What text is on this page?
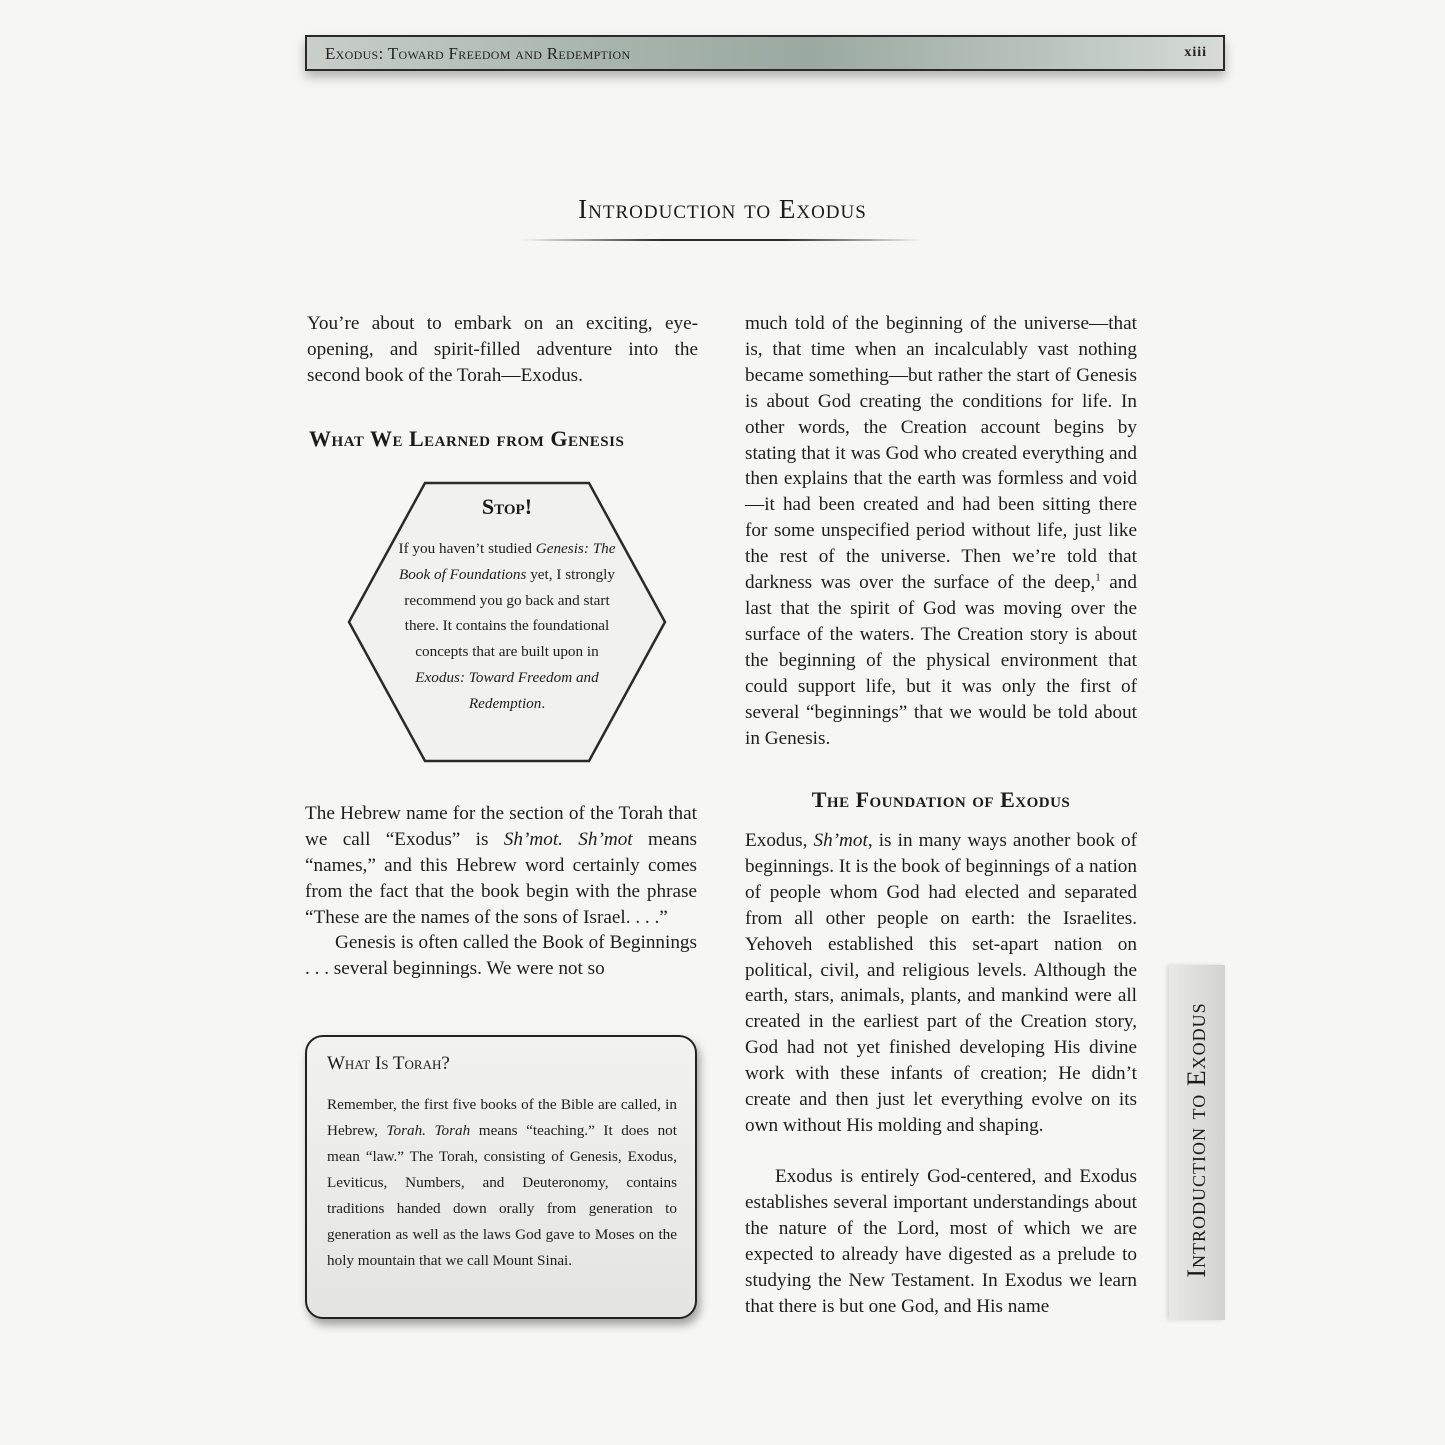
Exodus: Toward Freedom and Redemption	xiii
Introduction to Exodus

You’re about to embark on an exciting, eye-opening, and spirit-filled adventure into the second book of the Torah—Exodus.

What We Learned from Genesis
Stop!
If you haven’t studied Genesis: The Book of Foundations yet, I strongly recommend you go back and start there. It contains the foundational concepts that are built upon in Exodus: Toward Freedom and Redemption.

The Hebrew name for the section of the Torah that we call “Exodus” is Sh’mot. Sh’mot means “names,” and this Hebrew word certainly comes from the fact that the book begin with the phrase “These are the names of the sons of Israel. . . .”

Genesis is often called the Book of Beginnings . . . several beginnings. We were not so

What Is Torah?

Remember, the first five books of the Bible are called, in Hebrew, Torah. Torah means “teaching.” It does not mean “law.” The Torah, consisting of Genesis, Exodus, Leviticus, Numbers, and Deuteronomy, contains traditions handed down orally from generation to generation as well as the laws God gave to Moses on the holy mountain that we call Mount Sinai.

much told of the beginning of the universe—that is, that time when an incalculably vast nothing became something—but rather the start of Genesis is about God creating the conditions for life. In other words, the Creation account begins by stating that it was God who created everything and then explains that the earth was formless and void—it had been created and had been sitting there for some unspecified period without life, just like the rest of the universe. Then we’re told that darkness was over the surface of the deep,$^1$ and last that the spirit of God was moving over the surface of the waters. The Creation story is about the beginning of the physical environment that could support life, but it was only the first of several “beginnings” that we would be told about in Genesis.

The Foundation of Exodus

Exodus, Sh’mot, is in many ways another book of beginnings. It is the book of beginnings of a nation of people whom God had elected and separated from all other people on earth: the Israelites. Yehoveh established this set-apart nation on political, civil, and religious levels. Although the earth, stars, animals, plants, and mankind were all created in the earliest part of the Creation story, God had not yet finished developing His divine work with these infants of creation; He didn’t create and then just let everything evolve on its own without His molding and shaping.

Exodus is entirely God-centered, and Exodus establishes several important understandings about the nature of the Lord, most of which we are expected to already have digested as a prelude to studying the New Testament. In Exodus we learn that there is but one God, and His name

Introduction to Exodus
